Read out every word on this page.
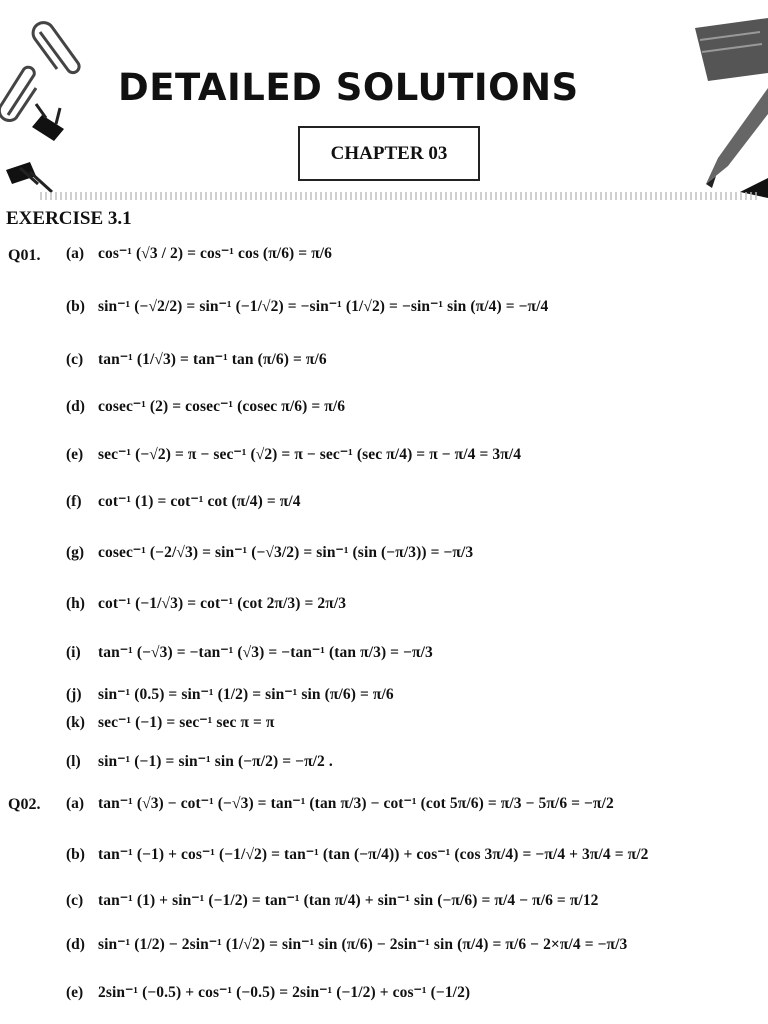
DETAILED SOLUTIONS
CHAPTER 03
EXERCISE 3.1
Q01. (a) cos⁻¹ (√3 / 2) = cos⁻¹ cos (π/6) = π/6
(b) sin⁻¹ (−√2/2) = sin⁻¹ (−1/√2) = −sin⁻¹ (1/√2) = −sin⁻¹ sin (π/4) = −π/4
(c) tan⁻¹ (1/√3) = tan⁻¹ tan (π/6) = π/6
(d) cosec⁻¹ (2) = cosec⁻¹ (cosec π/6) = π/6
(e) sec⁻¹ (−√2) = π − sec⁻¹ (√2) = π − sec⁻¹ (sec π/4) = π − π/4 = 3π/4
(f)	cot⁻¹ (1) = cot⁻¹ cot (π/4) = π/4
(g) cosec⁻¹ (−2/√3) = sin⁻¹ (−√3/2) = sin⁻¹ (sin (−π/3)) = −π/3
(h) cot⁻¹ (−1/√3) = cot⁻¹ (cot 2π/3) = 2π/3
(i)	tan⁻¹ (−√3) = −tan⁻¹ (√3) = −tan⁻¹ (tan π/3) = −π/3
(j)	sin⁻¹ (0.5) = sin⁻¹ (1/2) = sin⁻¹ sin (π/6) = π/6
(k) sec⁻¹ (−1) = sec⁻¹ sec π = π
(l)	sin⁻¹ (−1) = sin⁻¹ sin (−π/2) = −π/2 .
Q02. (a) tan⁻¹ (√3) − cot⁻¹ (−√3) = tan⁻¹ (tan π/3) − cot⁻¹ (cot 5π/6) = π/3 − 5π/6 = −π/2
(b) tan⁻¹ (−1) + cos⁻¹ (−1/√2) = tan⁻¹ (tan (−π/4)) + cos⁻¹ (cos 3π/4) = −π/4 + 3π/4 = π/2
(c) tan⁻¹ (1) + sin⁻¹ (−1/2) = tan⁻¹ (tan π/4) + sin⁻¹ sin (−π/6) = π/4 − π/6 = π/12
(d) sin⁻¹ (1/2) − 2sin⁻¹ (1/√2) = sin⁻¹ sin (π/6) − 2sin⁻¹ sin (π/4) = π/6 − 2×π/4 = −π/3
(e) 2sin⁻¹ (−0.5) + cos⁻¹ (−0.5) = 2sin⁻¹ (−1/2) + cos⁻¹ (−1/2)
